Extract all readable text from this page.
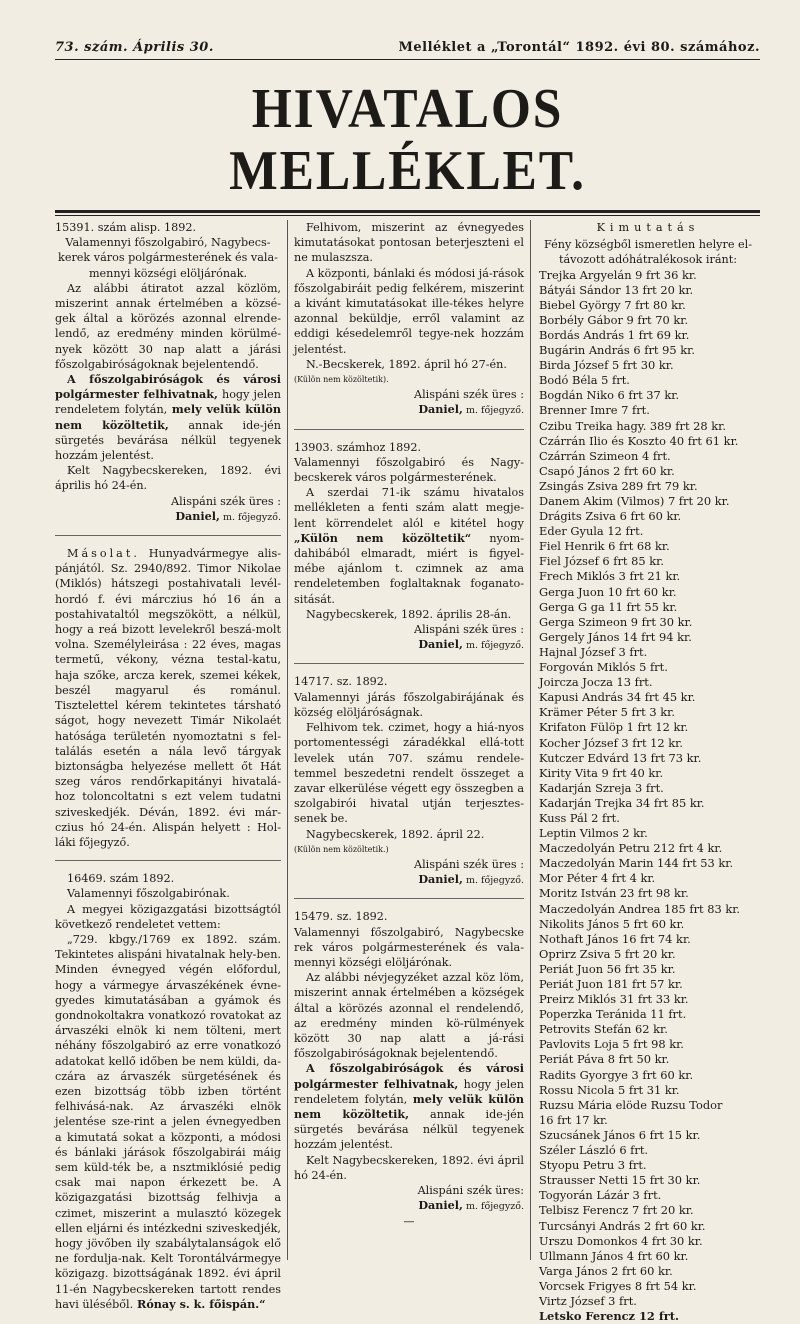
73. szám. Április 30.	Melléklet a „Torontál“ 1892. évi 80. számához.
HIVATALOS MELLÉKLET.

15391. szám alisp. 1892.

Valamennyi főszolgabiró, Nagybecs-kerek város polgármesterének és vala-mennyi községi elöljárónak.

Az alábbi átiratot azzal közlöm, miszerint annak értelmében a közsé-gek által a körözés azonnal elrende-lendő, az eredmény minden körülmé-nyek között 30 nap alatt a járási főszolgabiróságoknak bejelentendő.

A főszolgabiróságok és városi polgármester felhivatnak, hogy jelen rendeletem folytán, mely velük külön nem közöltetik, annak ide-jén sürgetés bevárása nélkül tegyenek hozzám jelentést.

Kelt Nagybecskereken, 1892. évi április hó 24-én.

Alispáni szék üres :

Daniel, m. főjegyző.

Másolat. Hunyadvármegye alis-pánjától. Sz. 2940/892. Timor Nikolae (Miklós) hátszegi postahivatali levél-hordó f. évi márczius hó 16 án a postahivataltól megszökött, a nélkül, hogy a reá bizott levelekről beszá-molt volna. Személyleirása : 22 éves, magas termetű, vékony, vézna testal-katu, haja szőke, arcza kerek, szemei kékek, beszél magyarul és románul. Tisztelettel kérem tekintetes társható ságot, hogy nevezett Timár Nikolaét hatósága területén nyomoztatni s fel-találás esetén a nála levő tárgyak biztonságba helyezése mellett őt Hát szeg város rendőrkapitányi hivatalá-hoz toloncoltatni s ezt velem tudatni sziveskedjék. Déván, 1892. évi már-czius hó 24-én. Alispán helyett : Hol-láki főjegyző.

16469. szám 1892.

Valamennyi főszolgabirónak.

A megyei közigazgatási bizottságtól következő rendeletet vettem:

„729. kbgy./1769 ex 1892. szám. Tekintetes alispáni hivatalnak hely-ben. Minden évnegyed végén előfordul, hogy a vármegye árvaszékének évne-gyedes kimutatásában a gyámok és gondnokoltakra vonatkozó rovatokat az árvaszéki elnök ki nem tölteni, mert néhány főszolgabiró az erre vonatkozó adatokat kellő időben be nem küldi, da-czára az árvaszék sürgetésének és ezen bizottság több izben történt felhivásá-nak. Az árvaszéki elnök jelentése sze-rint a jelen évnegyedben a kimutatá sokat a központi, a módosi és bánlaki járások főszolgabirái máig sem küld-ték be, a nsztmiklósié pedig csak mai napon érkezett be. A közigazgatási bizottság felhivja a czimet, miszerint a mulasztó közegek ellen eljárni és intézkedni sziveskedjék, hogy jövőben ily szabálytalanságok elő ne fordulja-nak. Kelt Torontálvármegye közigazg. bizottságának 1892. évi ápril 11-én Nagybecskereken tartott rendes havi üléséből. Rónay s. k. főispán.“

Felhivom, miszerint az évnegyedes kimutatásokat pontosan beterjeszteni el ne mulaszsza.

A központi, bánlaki és módosi já-rások főszolgabiráit pedig felkérem, miszerint a kivánt kimutatásokat ille-tékes helyre azonnal beküldje, erről valamint az eddigi késedelemről tegye-nek hozzám jelentést.

N.-Becskerek, 1892. ápril hó 27-én.

(Külön nem közöltetik).

Alispáni szék üres :

Daniel, m. főjegyző.

13903. számhoz 1892.

Valamennyi főszolgabiró és Nagy-becskerek város polgármesterének.

A szerdai 71-ik számu hivatalos mellékleten a fenti szám alatt megje-lent körrendelet alól e kitétel hogy „Külön nem közöltetik“ nyom-dahibából elmaradt, miért is figyel-mébe ajánlom t. czimnek az ama rendeletemben foglaltaknak foganato-sitását.

Nagybecskerek, 1892. április 28-án.

Alispáni szék üres :

Daniel, m. főjegyző.

14717. sz. 1892.

Valamennyi járás főszolgabirájának és község elöljáróságnak.

Felhivom tek. czimet, hogy a hiá-nyos portomentességi záradékkal ellá-tott levelek után 707. számu rendele-temmel beszedetni rendelt összeget a zavar elkerülése végett egy összegben a szolgabirói hivatal utján terjesztes-senek be.

Nagybecskerek, 1892. ápril 22.

(Külön nem közöltetik.)

Alispáni szék üres :

Daniel, m. főjegyző.

15479. sz. 1892.

Valamennyi főszolgabiró, Nagybecske rek város polgármesterének és vala-mennyi községi elöljárónak.

Az alábbi névjegyzéket azzal köz löm, miszerint annak értelmében a községek által a körözés azonnal el rendelendő, az eredmény minden kö-rülmények között 30 nap alatt a já-rási főszolgabiróságoknak bejelentendő.

A főszolgabiróságok és városi polgármester felhivatnak, hogy jelen rendeletem folytán, mely velük külön nem közöltetik, annak ide-jén sürgetés bevárása nélkül tegyenek hozzám jelentést.

Kelt Nagybecskereken, 1892. évi ápril hó 24-én.

Alispáni szék üres:

Daniel, m. főjegyző.

—

Kimutatás

Fény községből ismeretlen helyre el-távozott adóhátralékosok iránt:

Trejka Argyelán 9 frt 36 kr.
Bátyái Sándor 13 frt 20 kr.
Biebel György 7 frt 80 kr.
Borbély Gábor 9 frt 70 kr.
Bordás András 1 frt 69 kr.
Bugárin András 6 frt 95 kr.
Birda József 5 frt 30 kr.
Bodó Béla 5 frt.
Bogdán Niko 6 frt 37 kr.
Brenner Imre 7 frt.
Czibu Treika hagy. 389 frt 28 kr.
Czárrán Ilio és Koszto 40 frt 61 kr.
Czárrán Szimeon 4 frt.
Csapó János 2 frt 60 kr.
Zsingás Zsiva 289 frt 79 kr.
Danem Akim (Vilmos) 7 frt 20 kr.
Drágits Zsiva 6 frt 60 kr.
Eder Gyula 12 frt.
Fiel Henrik 6 frt 68 kr.
Fiel József 6 frt 85 kr.
Frech Miklós 3 frt 21 kr.
Gerga Juon 10 frt 60 kr.
Gerga G ga 11 frt 55 kr.
Gerga Szimeon 9 frt 30 kr.
Gergely János 14 frt 94 kr.
Hajnal József 3 frt.
Forgován Miklós 5 frt.
Joircza Jocza 13 frt.
Kapusi András 34 frt 45 kr.
Krämer Péter 5 frt 3 kr.
Krifaton Fülöp 1 frt 12 kr.
Kocher József 3 frt 12 kr.
Kutczer Edvárd 13 frt 73 kr.
Kirity Vita 9 frt 40 kr.
Kadarján Szreja 3 frt.
Kadarján Trejka 34 frt 85 kr.
Kuss Pál 2 frt.
Leptin Vilmos 2 kr.
Maczedolyán Petru 212 frt 4 kr.
Maczedolyán Marin 144 frt 53 kr.
Mor Péter 4 frt 4 kr.
Moritz István 23 frt 98 kr.
Maczedolyán Andrea 185 frt 83 kr.
Nikolits János 5 frt 60 kr.
Nothaft János 16 frt 74 kr.
Oprirz Zsiva 5 frt 20 kr.
Periát Juon 56 frt 35 kr.
Periát Juon 181 frt 57 kr.
Preirz Miklós 31 frt 33 kr.
Poperzka Teránida 11 frt.
Petrovits Stefán 62 kr.
Pavlovits Loja 5 frt 98 kr.
Periát Páva 8 frt 50 kr.
Radits Gyorgye 3 frt 60 kr.
Rossu Nicola 5 frt 31 kr.
Ruzsu Mária elöde Ruzsu Todor
16 frt 17 kr.
Szucsánek János 6 frt 15 kr.
Széler László 6 frt.
Styopu Petru 3 frt.
Strausser Netti 15 frt 30 kr.
Togyorán Lázár 3 frt.
Telbisz Ferencz 7 frt 20 kr.
Turcsányi András 2 frt 60 kr.
Urszu Domonkos 4 frt 30 kr.
Ullmann János 4 frt 60 kr.
Varga János 2 frt 60 kr.
Vorcsek Frigyes 8 frt 54 kr.
Virtz József 3 frt.
Letsko Ferencz 12 frt.
